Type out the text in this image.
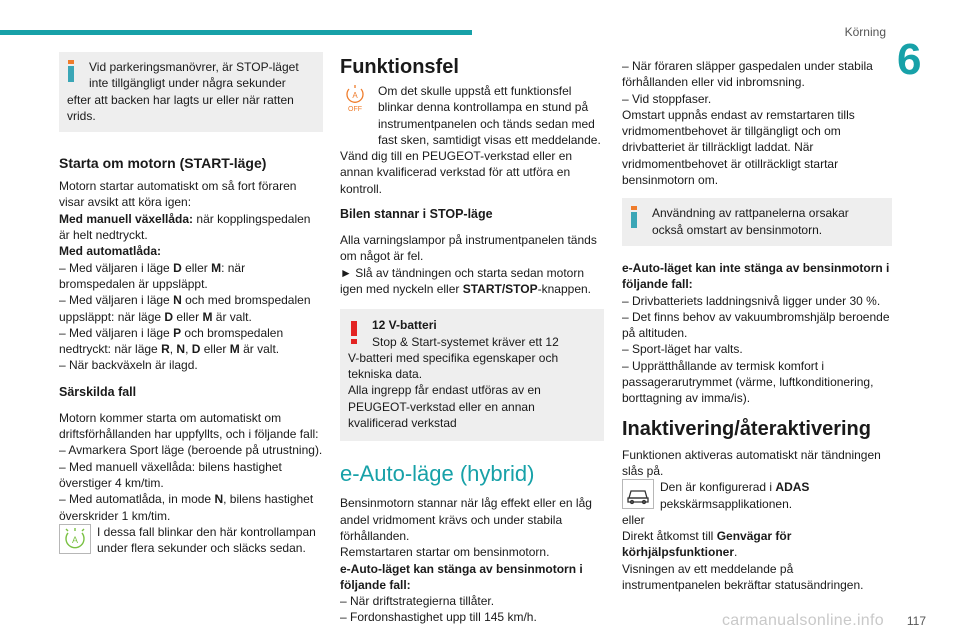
Körning
6

Vid parkeringsmanövrer, är STOP-läget

inte tillgängligt under några sekunder

efter att backen har lagts ur eller när ratten vrids.

Starta om motorn (START-läge)

Motorn startar automatiskt om så fort föraren visar avsikt att köra igen:

Med manuell växellåda: när kopplingspedalen är helt nedtryckt.

Med automatlåda:

– Med väljaren i läge D eller M: när bromspedalen är uppsläppt.

– Med väljaren i läge N och med bromspedalen uppsläppt: när läge D eller M är valt.

– Med väljaren i läge P och bromspedalen nedtryckt: när läge R, N, D eller M är valt.

– När backväxeln är ilagd.

Särskilda fall

Motorn kommer starta om automatiskt om driftsförhållanden har uppfyllts, och i följande fall:

– Avmarkera Sport läge (beroende på utrustning).

– Med manuell växellåda: bilens hastighet överstiger 4 km/tim.

– Med automatlåda, in mode N, bilens hastighet överskrider 1 km/tim.

A

I dessa fall blinkar den här kontrollampan under flera sekunder och släcks sedan.

Funktionsfel
A
OFF

Om det skulle uppstå ett funktionsfel blinkar denna kontrollampa en stund på instrumentpanelen och tänds sedan med fast sken, samtidigt visas ett meddelande.

Vänd dig till en PEUGEOT-verkstad eller en annan kvalificerad verkstad för att utföra en kontroll.

Bilen stannar i STOP-läge

Alla varningslampor på instrumentpanelen tänds om något är fel.

► Slå av tändningen och starta sedan motorn igen med nyckeln eller START/STOP-knappen.

12 V-batteri

Stop & Start-systemet kräver ett 12

V-batteri med specifika egenskaper och tekniska data.

Alla ingrepp får endast utföras av en PEUGEOT-verkstad eller en annan kvalificerad verkstad

e-Auto-läge (hybrid)

Bensinmotorn stannar när låg effekt eller en låg andel vridmoment krävs och under stabila förhållanden.

Remstartaren startar om bensinmotorn.

e-Auto-läget kan stänga av bensinmotorn i följande fall:

– När driftstrategierna tillåter.

– Fordonshastighet upp till 145 km/h.

– När föraren släpper gaspedalen under stabila förhållanden eller vid inbromsning.

– Vid stoppfaser.

Omstart uppnås endast av remstartaren tills vridmomentbehovet är tillgängligt och om drivbatteriet är tillräckligt laddat. När vridmomentbehovet är otillräckligt startar bensinmotorn om.

Användning av rattpanelerna orsakar

också omstart av bensinmotorn.

e-Auto-läget kan inte stänga av bensinmotorn i följande fall:

– Drivbatteriets laddningsnivå ligger under 30 %.

– Det finns behov av vakuumbromshjälp beroende på altituden.

– Sport-läget har valts.

– Upprätthållande av termisk komfort i passagerarutrymmet (värme, luftkonditionering, borttagning av imma/is).

Inaktivering/återaktivering

Funktionen aktiveras automatiskt när tändningen slås på.

Den är konfigurerad i ADAS pekskärmsapplikationen.

eller

Direkt åtkomst till Genvägar för körhjälpsfunktioner.

Visningen av ett meddelande på instrumentpanelen bekräftar statusändringen.

carmanualsonline.info 117
